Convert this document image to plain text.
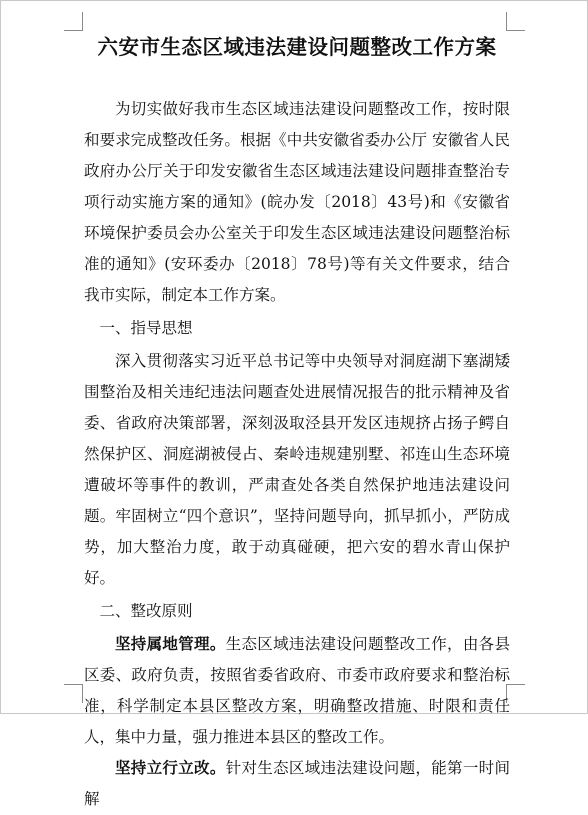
六安市生态区域违法建设问题整改工作方案

为切实做好我市生态区域违法建设问题整改工作，按时限和要求完成整改任务。根据《中共安徽省委办公厅 安徽省人民政府办公厅关于印发安徽省生态区域违法建设问题排查整治专项行动实施方案的通知》(皖办发〔2018〕43号)和《安徽省环境保护委员会办公室关于印发生态区域违法建设问题整治标准的通知》(安环委办〔2018〕78号)等有关文件要求，结合我市实际，制定本工作方案。

一、指导思想

深入贯彻落实习近平总书记等中央领导对洞庭湖下塞湖矮围整治及相关违纪违法问题查处进展情况报告的批示精神及省委、省政府决策部署，深刻汲取泾县开发区违规挤占扬子鳄自然保护区、洞庭湖被侵占、秦岭违规建别墅、祁连山生态环境遭破坏等事件的教训，严肃查处各类自然保护地违法建设问题。牢固树立“四个意识”，坚持问题导向，抓早抓小，严防成势，加大整治力度，敢于动真碰硬，把六安的碧水青山保护好。

二、整改原则

坚持属地管理。生态区域违法建设问题整改工作，由各县区委、政府负责，按照省委省政府、市委市政府要求和整治标准，科学制定本县区整改方案，明确整改措施、时限和责任人，集中力量，强力推进本县区的整改工作。

坚持立行立改。针对生态区域违法建设问题，能第一时间解
